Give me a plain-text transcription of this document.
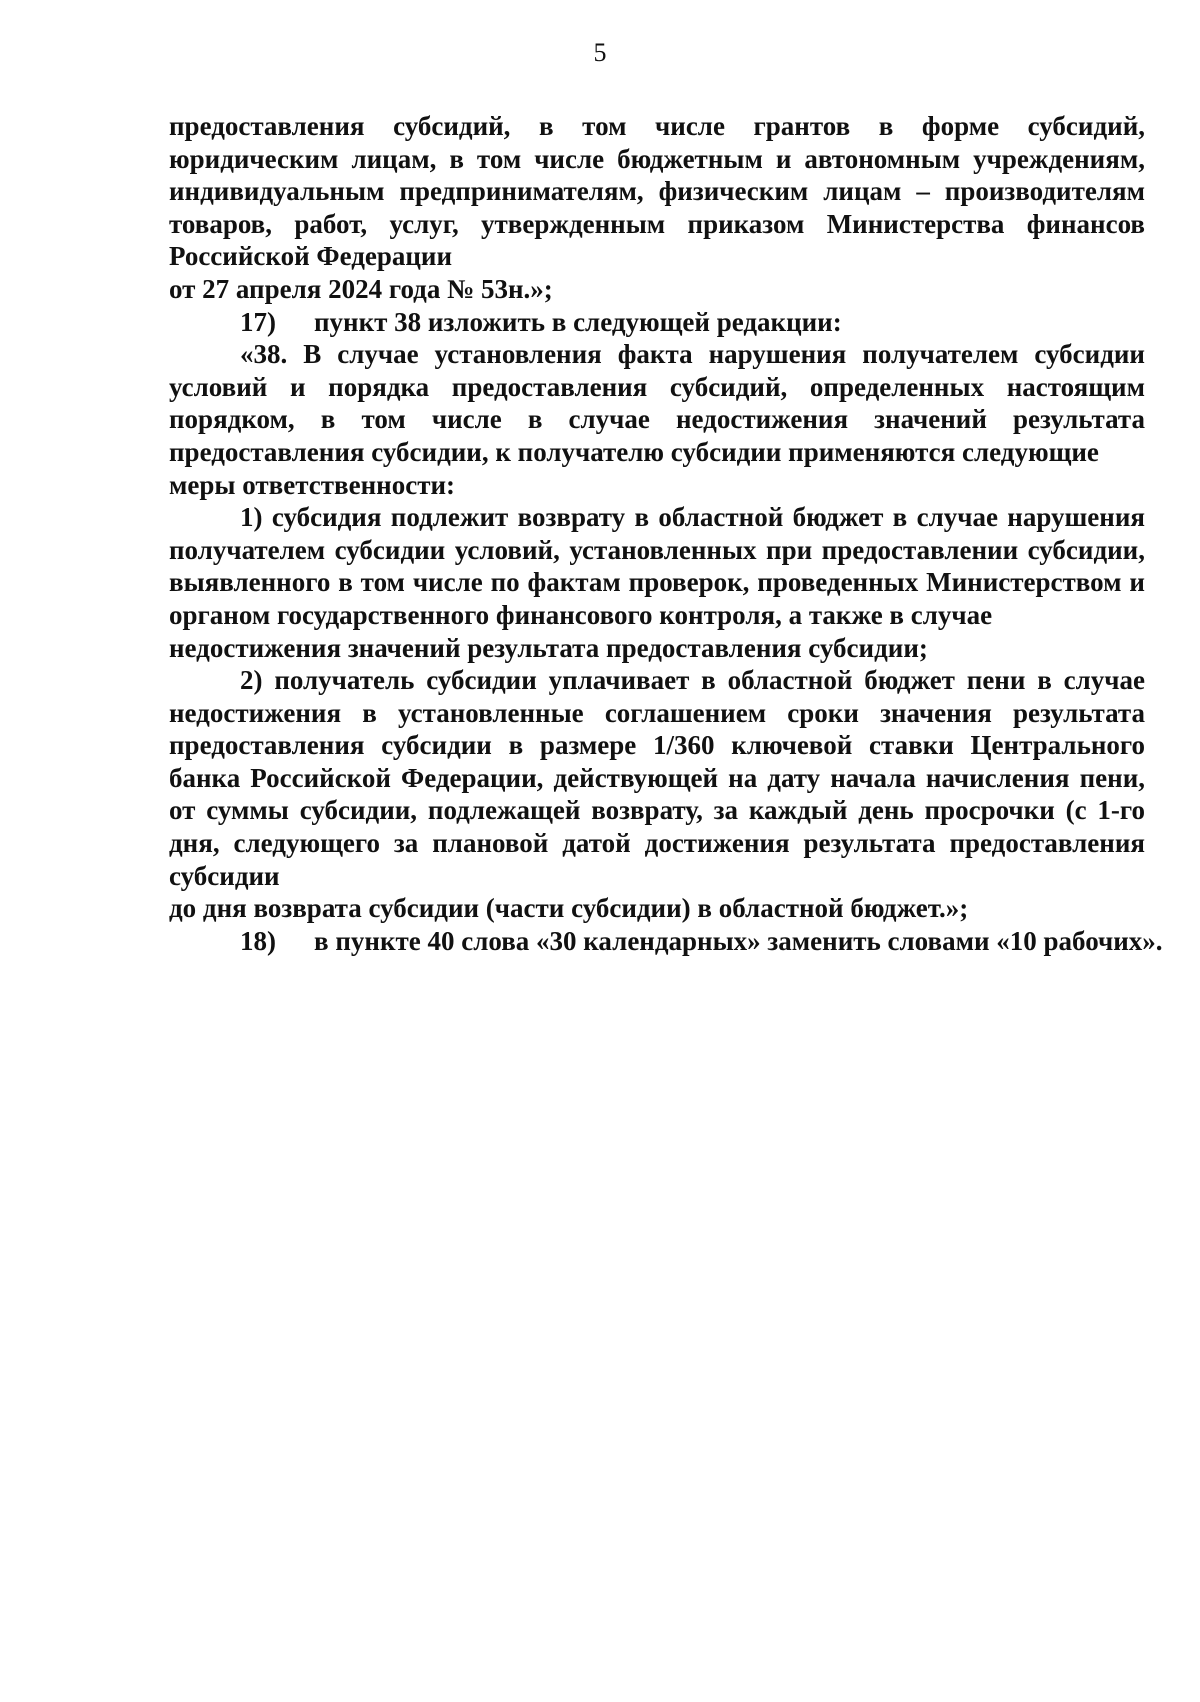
5

предоставления субсидий, в том числе грантов в форме субсидий, юридическим лицам, в том числе бюджетным и автономным учреждениям, индивидуальным предпринимателям, физическим лицам – производителям товаров, работ, услуг, утвержденным приказом Министерства финансов Российской Федерации

от 27 апреля 2024 года № 53н.»;

17) пункт 38 изложить в следующей редакции:

«38. В случае установления факта нарушения получателем субсидии условий и порядка предоставления субсидий, определенных настоящим порядком, в том числе в случае недостижения значений результата предоставления субсидии, к получателю субсидии применяются следующие

меры ответственности:

1) субсидия подлежит возврату в областной бюджет в случае нарушения получателем субсидии условий, установленных при предоставлении субсидии, выявленного в том числе по фактам проверок, проведенных Министерством и органом государственного финансового контроля, а также в случае

недостижения значений результата предоставления субсидии;

2) получатель субсидии уплачивает в областной бюджет пени в случае недостижения в установленные соглашением сроки значения результата предоставления субсидии в размере 1/360 ключевой ставки Центрального банка Российской Федерации, действующей на дату начала начисления пени, от суммы субсидии, подлежащей возврату, за каждый день просрочки (с 1-го дня, следующего за плановой датой достижения результата предоставления субсидии

до дня возврата субсидии (части субсидии) в областной бюджет.»;

18) в пункте 40 слова «30 календарных» заменить словами «10 рабочих».
